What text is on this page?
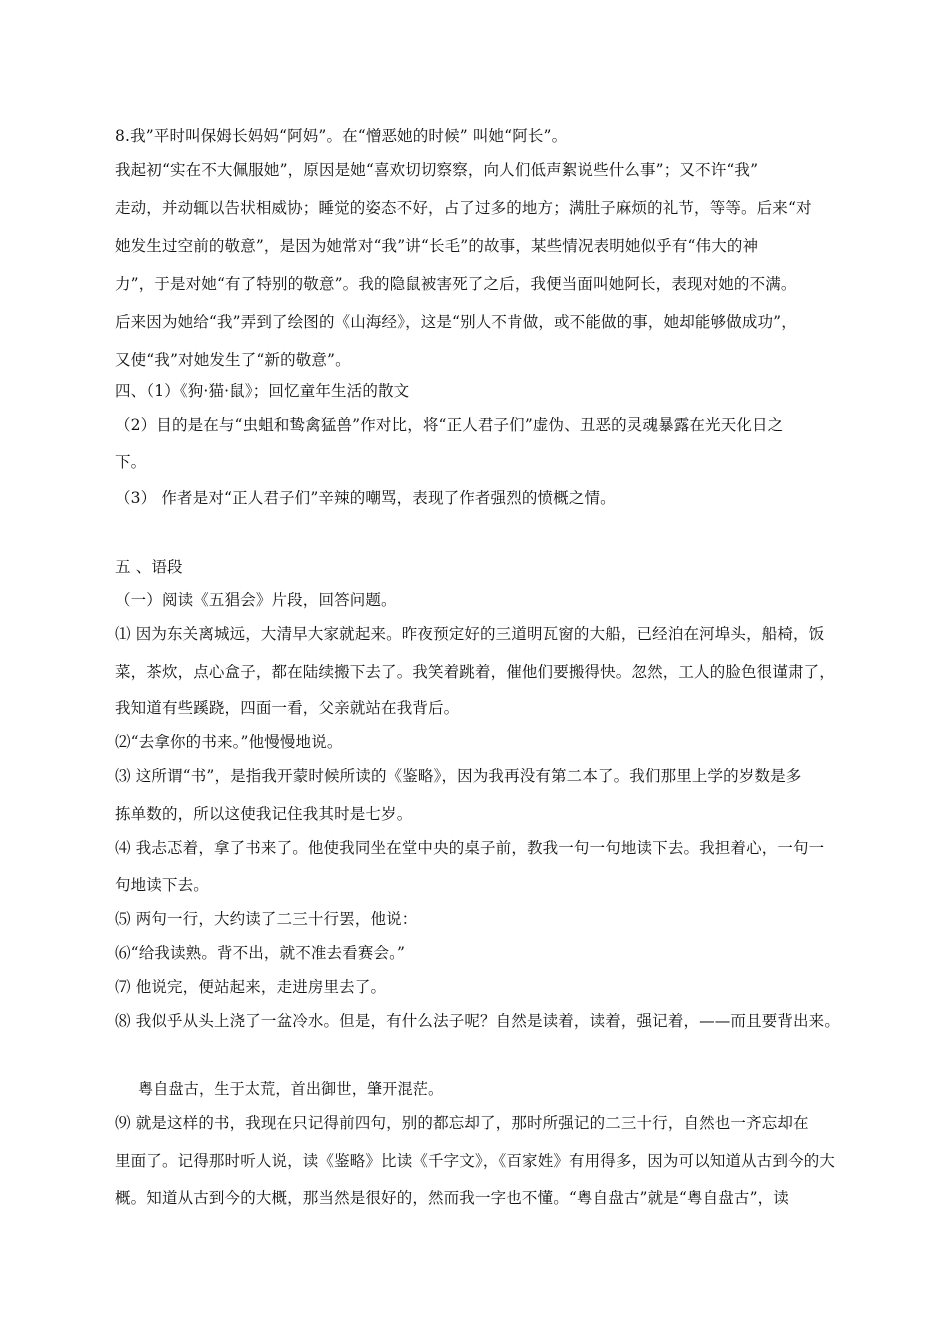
8.我”平时叫保姆长妈妈“阿妈”。在“憎恶她的时候” 叫她“阿长”。
我起初“实在不大佩服她”，原因是她“喜欢切切察察，向人们低声絮说些什么事”；又不许“我”
走动，并动辄以告状相威协；睡觉的姿态不好，占了过多的地方；满肚子麻烦的礼节，等等。后来“对
她发生过空前的敬意”，是因为她常对“我”讲“长毛”的故事，某些情况表明她似乎有“伟大的神
力”，于是对她“有了特别的敬意”。我的隐鼠被害死了之后，我便当面叫她阿长，表现对她的不满。
后来因为她给“我”弄到了绘图的《山海经》，这是“别人不肯做，或不能做的事，她却能够做成功”，
又使“我”对她发生了“新的敬意”。
四、（1）《狗·猫·鼠》；回忆童年生活的散文
（2）目的是在与“虫蛆和鸷禽猛兽”作对比，将“正人君子们”虚伪、丑恶的灵魂暴露在光天化日之
下。
（3） 作者是对“正人君子们”辛辣的嘲骂，表现了作者强烈的愤概之情。
五 、语段
（一）阅读《五猖会》片段，回答问题。
⑴ 因为东关离城远，大清早大家就起来。昨夜预定好的三道明瓦窗的大船，已经泊在河埠头，船椅，饭
菜，茶炊，点心盒子，都在陆续搬下去了。我笑着跳着，催他们要搬得快。忽然，工人的脸色很谨肃了，
我知道有些蹊跷，四面一看，父亲就站在我背后。
⑵“去拿你的书来。”他慢慢地说。
⑶ 这所谓“书”，是指我开蒙时候所读的《鉴略》，因为我再没有第二本了。我们那里上学的岁数是多
拣单数的，所以这使我记住我其时是七岁。
⑷ 我忐忑着，拿了书来了。他使我同坐在堂中央的桌子前，教我一句一句地读下去。我担着心，一句一
句地读下去。
⑸ 两句一行，大约读了二三十行罢，他说：
⑹“给我读熟。背不出，就不准去看赛会。”
⑺ 他说完，便站起来，走进房里去了。
⑻ 我似乎从头上浇了一盆冷水。但是，有什么法子呢？自然是读着，读着，强记着，——而且要背出来。
粤自盘古，生于太荒，首出御世，肇开混茫。
⑼ 就是这样的书，我现在只记得前四句，别的都忘却了，那时所强记的二三十行，自然也一齐忘却在
里面了。记得那时听人说，读《鉴略》比读《千字文》，《百家姓》有用得多，因为可以知道从古到今的大
概。知道从古到今的大概，那当然是很好的，然而我一字也不懂。“粤自盘古”就是“粤自盘古”，读
